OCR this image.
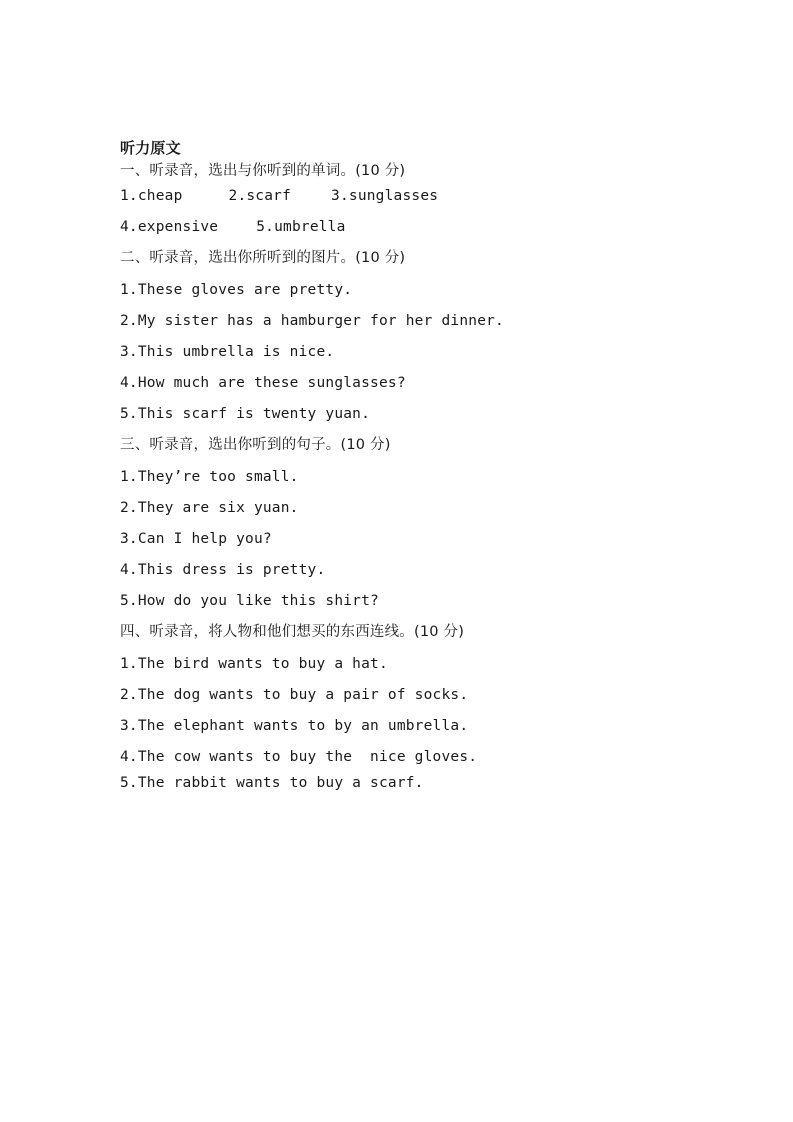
听力原文
一、听录音，选出与你听到的单词。(10 分)
1.cheap	2.scarf	3.sunglasses
4.expensive	5.umbrella
二、听录音，选出你所听到的图片。(10 分)
1.These gloves are pretty.
2.My sister has a hamburger for her dinner.
3.This umbrella is nice.
4.How much are these sunglasses?
5.This scarf is twenty yuan.
三、听录音，选出你听到的句子。(10 分)
1.They’re too small.
2.They are six yuan.
3.Can I help you?
4.This dress is pretty.
5.How do you like this shirt?
四、听录音，将人物和他们想买的东西连线。(10 分)
1.The bird wants to buy a hat.
2.The dog wants to buy a pair of socks.
3.The elephant wants to by an umbrella.
4.The cow wants to buy the  nice gloves.
5.The rabbit wants to buy a scarf.
